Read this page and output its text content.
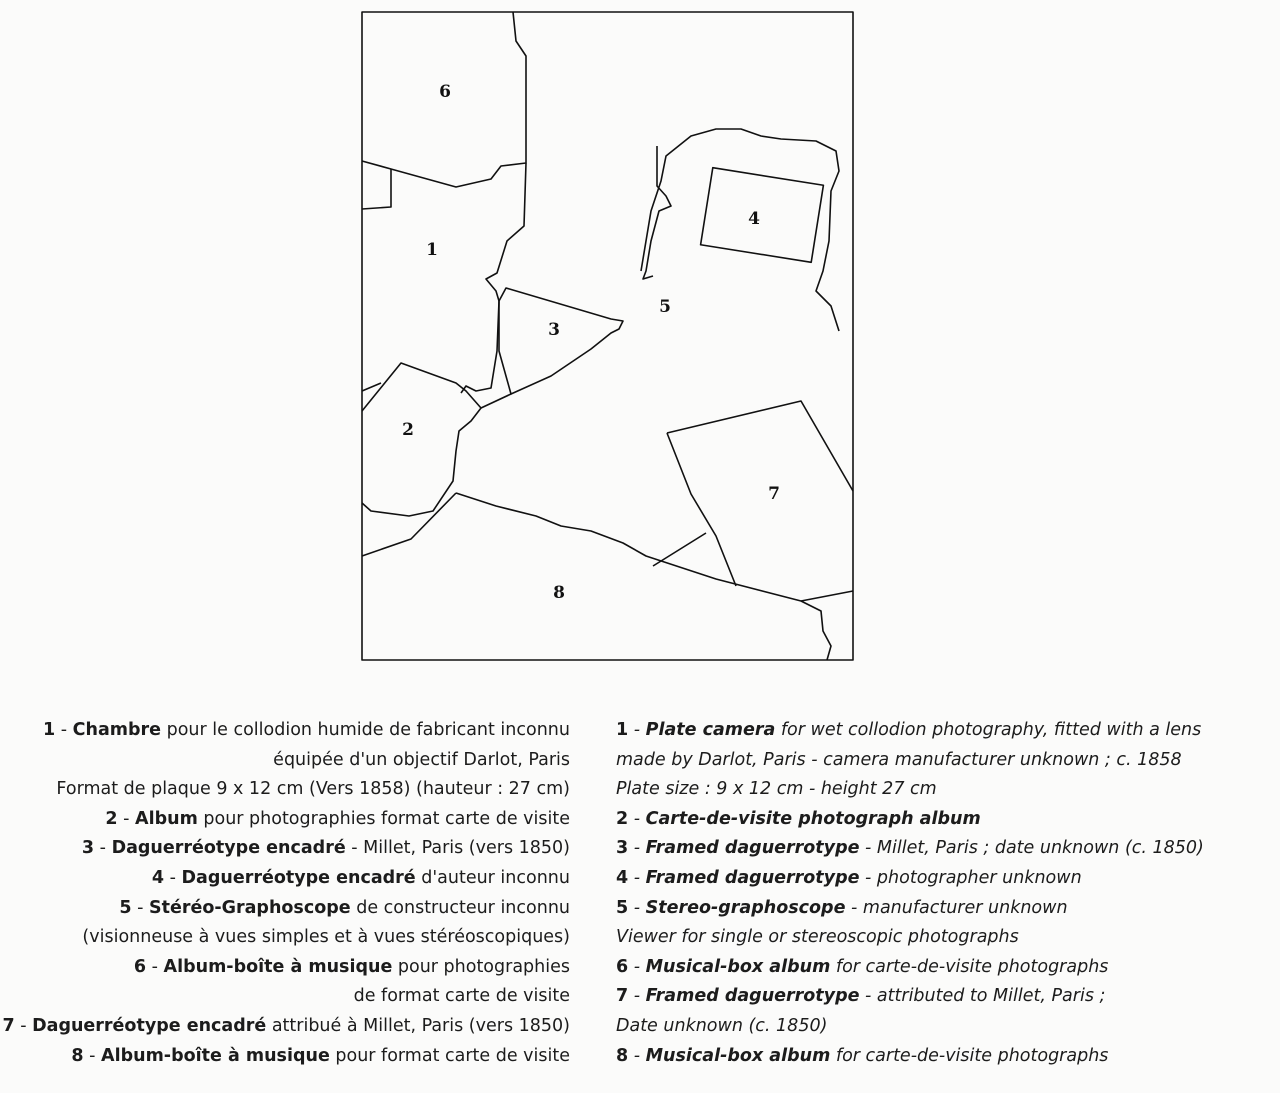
6
1
3
2
4
5
7
8
1 - Chambre pour le collodion humide de fabricant inconnu
équipée d'un objectif Darlot, Paris
Format de plaque 9 x 12 cm (Vers 1858) (hauteur : 27 cm)
2 - Album pour photographies format carte de visite
3 - Daguerréotype encadré - Millet, Paris (vers 1850)
4 - Daguerréotype encadré d'auteur inconnu
5 - Stéréo-Graphoscope de constructeur inconnu
(visionneuse à vues simples et à vues stéréoscopiques)
6 - Album-boîte à musique pour photographies
de format carte de visite
7 - Daguerréotype encadré attribué à Millet, Paris (vers 1850)
8 - Album-boîte à musique pour format carte de visite
1 - Plate camera for wet collodion photography, fitted with a lens
made by Darlot, Paris - camera manufacturer unknown ; c. 1858
Plate size : 9 x 12 cm - height 27 cm
2 - Carte-de-visite photograph album
3 - Framed daguerrotype - Millet, Paris ; date unknown (c. 1850)
4 - Framed daguerrotype - photographer unknown
5 - Stereo-graphoscope - manufacturer unknown
Viewer for single or stereoscopic photographs
6 - Musical-box album for carte-de-visite photographs
7 - Framed daguerrotype - attributed to Millet, Paris ;
Date unknown (c. 1850)
8 - Musical-box album for carte-de-visite photographs
